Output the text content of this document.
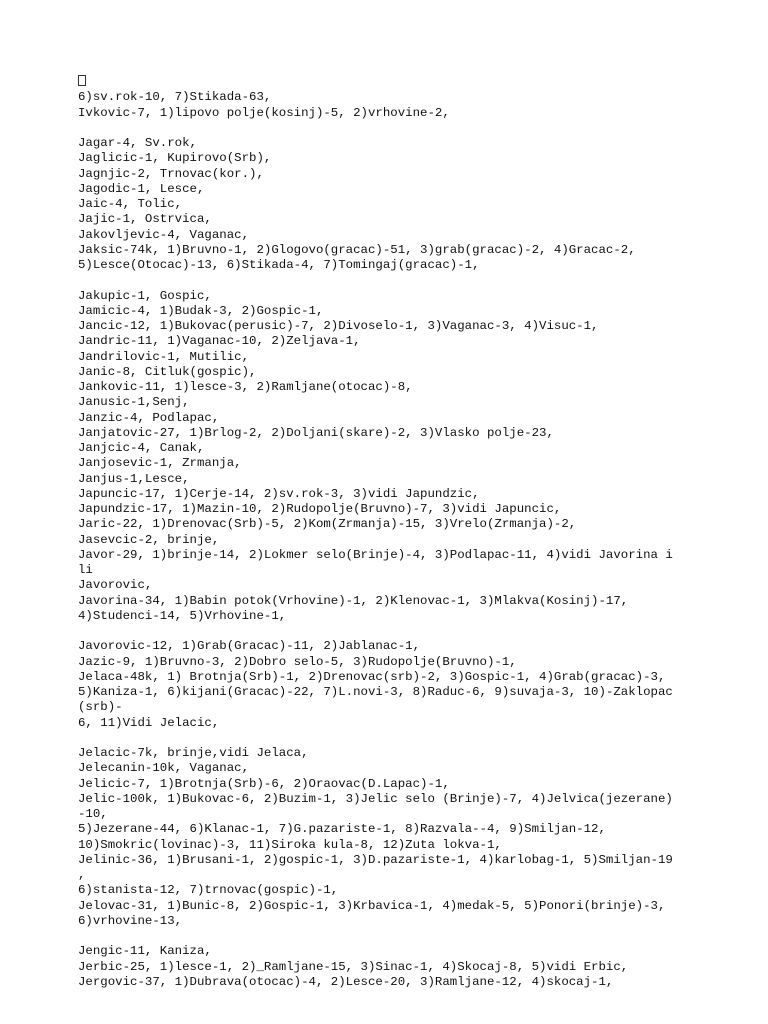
6)sv.rok-10, 7)Stikada-63,
Ivkovic-7, 1)lipovo polje(kosinj)-5, 2)vrhovine-2,
Jagar-4, Sv.rok,
Jaglicic-1, Kupirovo(Srb),
Jagnjic-2, Trnovac(kor.),
Jagodic-1, Lesce,
Jaic-4, Tolic,
Jajic-1, Ostrvica,
Jakovljevic-4, Vaganac,
Jaksic-74k, 1)Bruvno-1, 2)Glogovo(gracac)-51, 3)grab(gracac)-2, 4)Gracac-2,
5)Lesce(Otocac)-13, 6)Stikada-4, 7)Tomingaj(gracac)-1,
Jakupic-1, Gospic,
Jamicic-4, 1)Budak-3, 2)Gospic-1,
Jancic-12, 1)Bukovac(perusic)-7, 2)Divoselo-1, 3)Vaganac-3, 4)Visuc-1,
Jandric-11, 1)Vaganac-10, 2)Zeljava-1,
Jandrilovic-1, Mutilic,
Janic-8, Citluk(gospic),
Jankovic-11, 1)lesce-3, 2)Ramljane(otocac)-8,
Janusic-1,Senj,
Janzic-4, Podlapac,
Janjatovic-27, 1)Brlog-2, 2)Doljani(skare)-2, 3)Vlasko polje-23,
Janjcic-4, Canak,
Janjosevic-1, Zrmanja,
Janjus-1,Lesce,
Japuncic-17, 1)Cerje-14, 2)sv.rok-3, 3)vidi Japundzic,
Japundzic-17, 1)Mazin-10, 2)Rudopolje(Bruvno)-7, 3)vidi Japuncic,
Jaric-22, 1)Drenovac(Srb)-5, 2)Kom(Zrmanja)-15, 3)Vrelo(Zrmanja)-2,
Jasevcic-2, brinje,
Javor-29, 1)brinje-14, 2)Lokmer selo(Brinje)-4, 3)Podlapac-11, 4)vidi Javorina i
li
Javorovic,
Javorina-34, 1)Babin potok(Vrhovine)-1, 2)Klenovac-1, 3)Mlakva(Kosinj)-17,
4)Studenci-14, 5)Vrhovine-1,
Javorovic-12, 1)Grab(Gracac)-11, 2)Jablanac-1,
Jazic-9, 1)Bruvno-3, 2)Dobro selo-5, 3)Rudopolje(Bruvno)-1,
Jelaca-48k, 1) Brotnja(Srb)-1, 2)Drenovac(srb)-2, 3)Gospic-1, 4)Grab(gracac)-3,
5)Kaniza-1, 6)kijani(Gracac)-22, 7)L.novi-3, 8)Raduc-6, 9)suvaja-3, 10)-Zaklopac
(srb)-
6, 11)Vidi Jelacic,
Jelacic-7k, brinje,vidi Jelaca,
Jelecanin-10k, Vaganac,
Jelicic-7, 1)Brotnja(Srb)-6, 2)Oraovac(D.Lapac)-1,
Jelic-100k, 1)Bukovac-6, 2)Buzim-1, 3)Jelic selo (Brinje)-7, 4)Jelvica(jezerane)
-10,
5)Jezerane-44, 6)Klanac-1, 7)G.pazariste-1, 8)Razvala--4, 9)Smiljan-12,
10)Smokric(lovinac)-3, 11)Siroka kula-8, 12)Zuta lokva-1,
Jelinic-36, 1)Brusani-1, 2)gospic-1, 3)D.pazariste-1, 4)karlobag-1, 5)Smiljan-19
,
6)stanista-12, 7)trnovac(gospic)-1,
Jelovac-31, 1)Bunic-8, 2)Gospic-1, 3)Krbavica-1, 4)medak-5, 5)Ponori(brinje)-3,
6)vrhovine-13,
Jengic-11, Kaniza,
Jerbic-25, 1)lesce-1, 2)_Ramljane-15, 3)Sinac-1, 4)Skocaj-8, 5)vidi Erbic,
Jergovic-37, 1)Dubrava(otocac)-4, 2)Lesce-20, 3)Ramljane-12, 4)skocaj-1,
